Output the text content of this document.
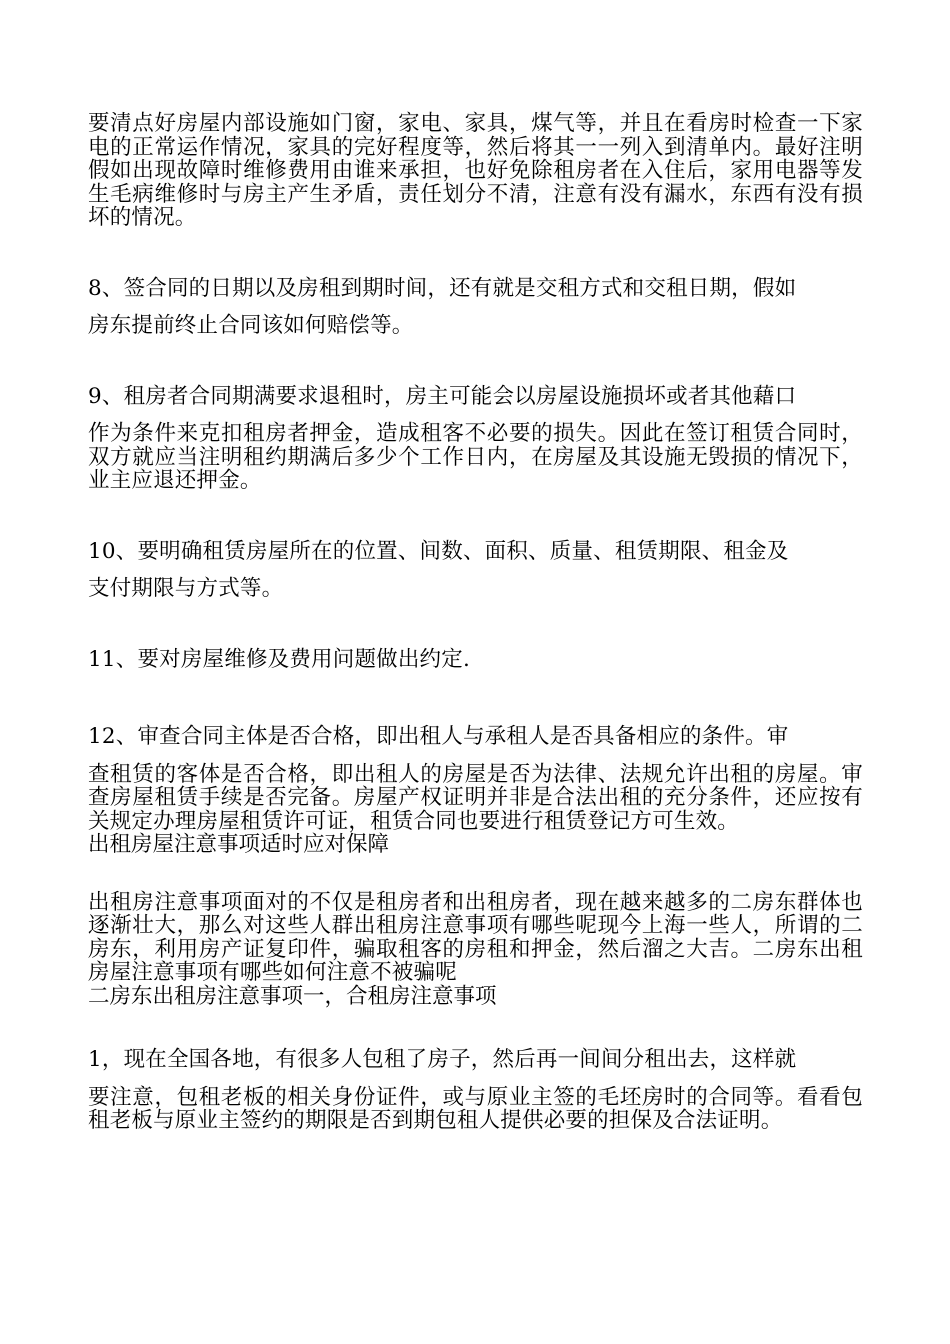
要清点好房屋内部设施如门窗，家电、家具，煤气等，并且在看房时检查一下家电的正常运作情况，家具的完好程度等，然后将其一一列入到清单内。最好注明假如出现故障时维修费用由谁来承担，也好免除租房者在入住后，家用电器等发生毛病维修时与房主产生矛盾，责任划分不清，注意有没有漏水，东西有没有损坏的情况。

8、签合同的日期以及房租到期时间，还有就是交租方式和交租日期，假如
房东提前终止合同该如何赔偿等。
9、租房者合同期满要求退租时，房主可能会以房屋设施损坏或者其他藉口
作为条件来克扣租房者押金，造成租客不必要的损失。因此在签订租赁合同时，双方就应当注明租约期满后多少个工作日内，在房屋及其设施无毁损的情况下，业主应退还押金。
10、要明确租赁房屋所在的位置、间数、面积、质量、租赁期限、租金及
支付期限与方式等。

11、要对房屋维修及费用问题做出约定.

12、审查合同主体是否合格，即出租人与承租人是否具备相应的条件。审
查租赁的客体是否合格，即出租人的房屋是否为法律、法规允许出租的房屋。审查房屋租赁手续是否完备。房屋产权证明并非是合法出租的充分条件，还应按有关规定办理房屋租赁许可证，租赁合同也要进行租赁登记方可生效。

出租房屋注意事项适时应对保障

出租房注意事项面对的不仅是租房者和出租房者，现在越来越多的二房东群体也逐渐壮大，那么对这些人群出租房注意事项有哪些呢现今上海一些人，所谓的二房东，利用房产证复印件，骗取租客的房租和押金，然后溜之大吉。二房东出租房屋注意事项有哪些如何注意不被骗呢

二房东出租房注意事项一，合租房注意事项

1，现在全国各地，有很多人包租了房子，然后再一间间分租出去，这样就
要注意，包租老板的相关身份证件，或与原业主签的毛坯房时的合同等。看看包租老板与原业主签约的期限是否到期包租人提供必要的担保及合法证明。
